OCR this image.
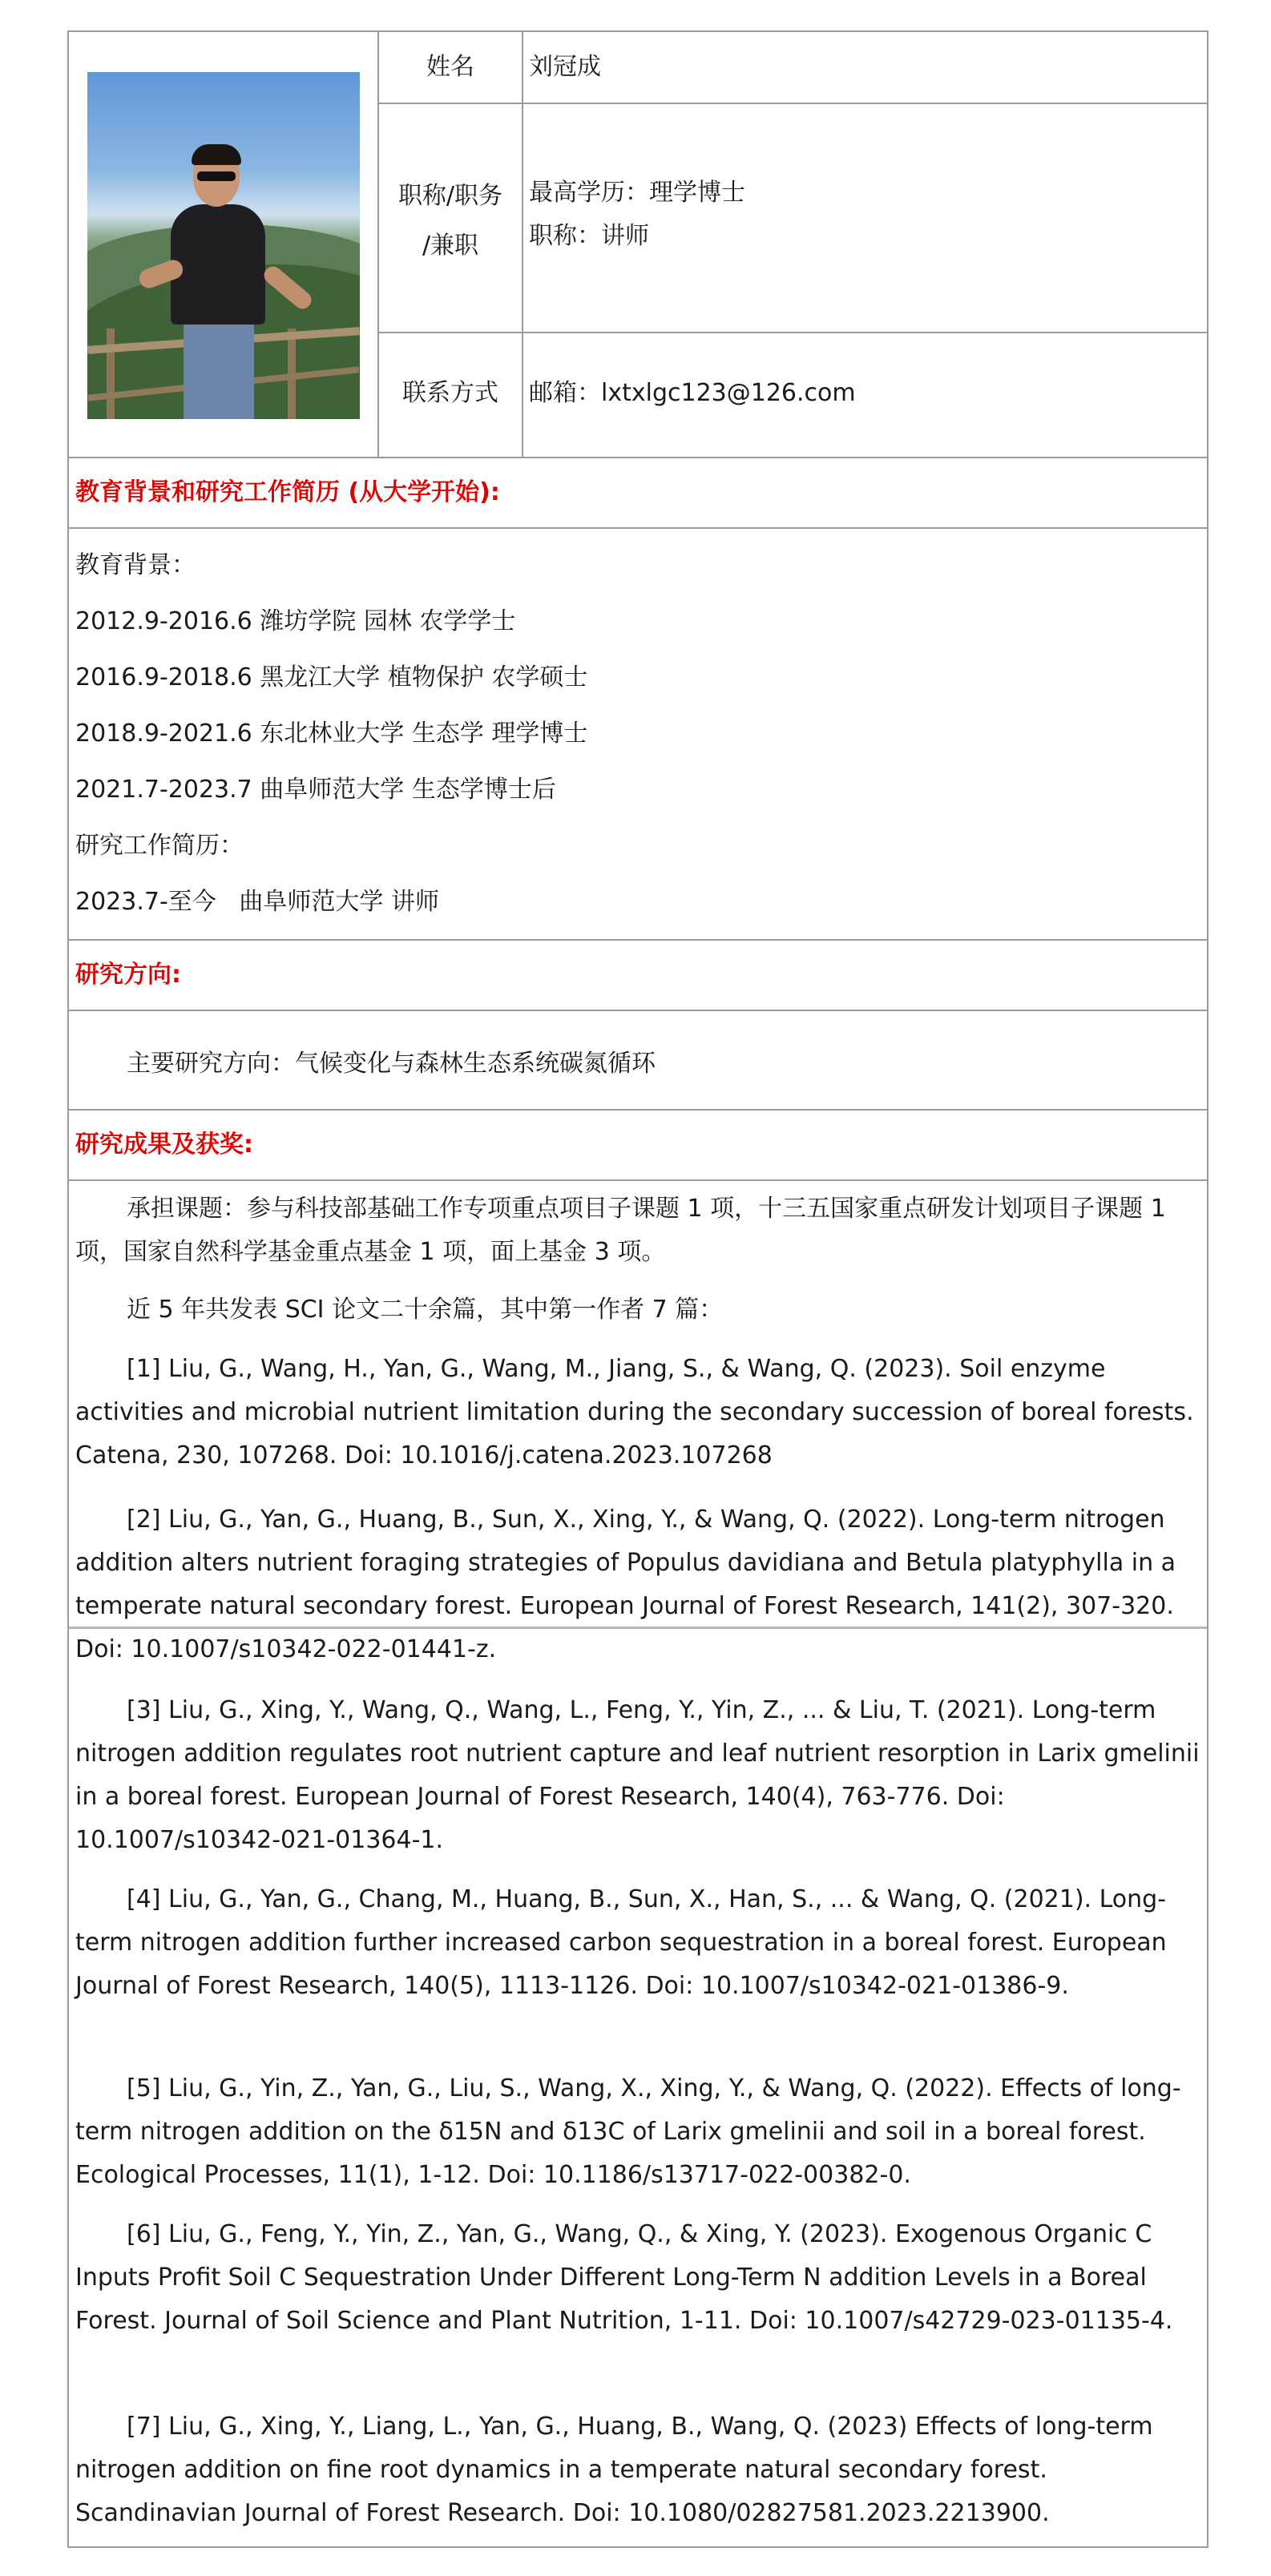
姓名	刘冠成
职称/职务
/兼职
最高学历：理学博士
职称：讲师
联系方式	邮箱：lxtxlgc123@126.com
教育背景和研究工作简历 (从大学开始):
教育背景：
2012.9-2016.6 潍坊学院 园林 农学学士
2016.9-2018.6 黑龙江大学 植物保护 农学硕士
2018.9-2021.6 东北林业大学 生态学 理学博士
2021.7-2023.7 曲阜师范大学 生态学博士后
研究工作简历：
2023.7-至今   曲阜师范大学 讲师
研究方向:
主要研究方向：气候变化与森林生态系统碳氮循环
研究成果及获奖:
承担课题：参与科技部基础工作专项重点项目子课题 1 项，十三五国家重点研发计划项目子课题 1 项，国家自然科学基金重点基金 1 项，面上基金 3 项。
近 5 年共发表 SCI 论文二十余篇，其中第一作者 7 篇：
[1] Liu, G., Wang, H., Yan, G., Wang, M., Jiang, S., & Wang, Q. (2023). Soil enzyme activities and microbial nutrient limitation during the secondary succession of boreal forests. Catena, 230, 107268. Doi: 10.1016/j.catena.2023.107268
[2] Liu, G., Yan, G., Huang, B., Sun, X., Xing, Y., & Wang, Q. (2022). Long-term nitrogen addition alters nutrient foraging strategies of Populus davidiana and Betula platyphylla in a temperate natural secondary forest. European Journal of Forest Research, 141(2), 307-320. Doi: 10.1007/s10342-022-01441-z.
[3] Liu, G., Xing, Y., Wang, Q., Wang, L., Feng, Y., Yin, Z., ... & Liu, T. (2021). Long-term nitrogen addition regulates root nutrient capture and leaf nutrient resorption in Larix gmelinii in a boreal forest. European Journal of Forest Research, 140(4), 763-776. Doi: 10.1007/s10342-021-01364-1.
[4] Liu, G., Yan, G., Chang, M., Huang, B., Sun, X., Han, S., ... & Wang, Q. (2021). Long-term nitrogen addition further increased carbon sequestration in a boreal forest. European Journal of Forest Research, 140(5), 1113-1126. Doi: 10.1007/s10342-021-01386-9.
[5] Liu, G., Yin, Z., Yan, G., Liu, S., Wang, X., Xing, Y., & Wang, Q. (2022). Effects of long-term nitrogen addition on the δ15N and δ13C of Larix gmelinii and soil in a boreal forest. Ecological Processes, 11(1), 1-12. Doi: 10.1186/s13717-022-00382-0.
[6] Liu, G., Feng, Y., Yin, Z., Yan, G., Wang, Q., & Xing, Y. (2023). Exogenous Organic C Inputs Profit Soil C Sequestration Under Different Long-Term N addition Levels in a Boreal Forest. Journal of Soil Science and Plant Nutrition, 1-11. Doi: 10.1007/s42729-023-01135-4.
[7] Liu, G., Xing, Y., Liang, L., Yan, G., Huang, B., Wang, Q. (2023) Effects of long-term nitrogen addition on fine root dynamics in a temperate natural secondary forest. Scandinavian Journal of Forest Research. Doi: 10.1080/02827581.2023.2213900.
